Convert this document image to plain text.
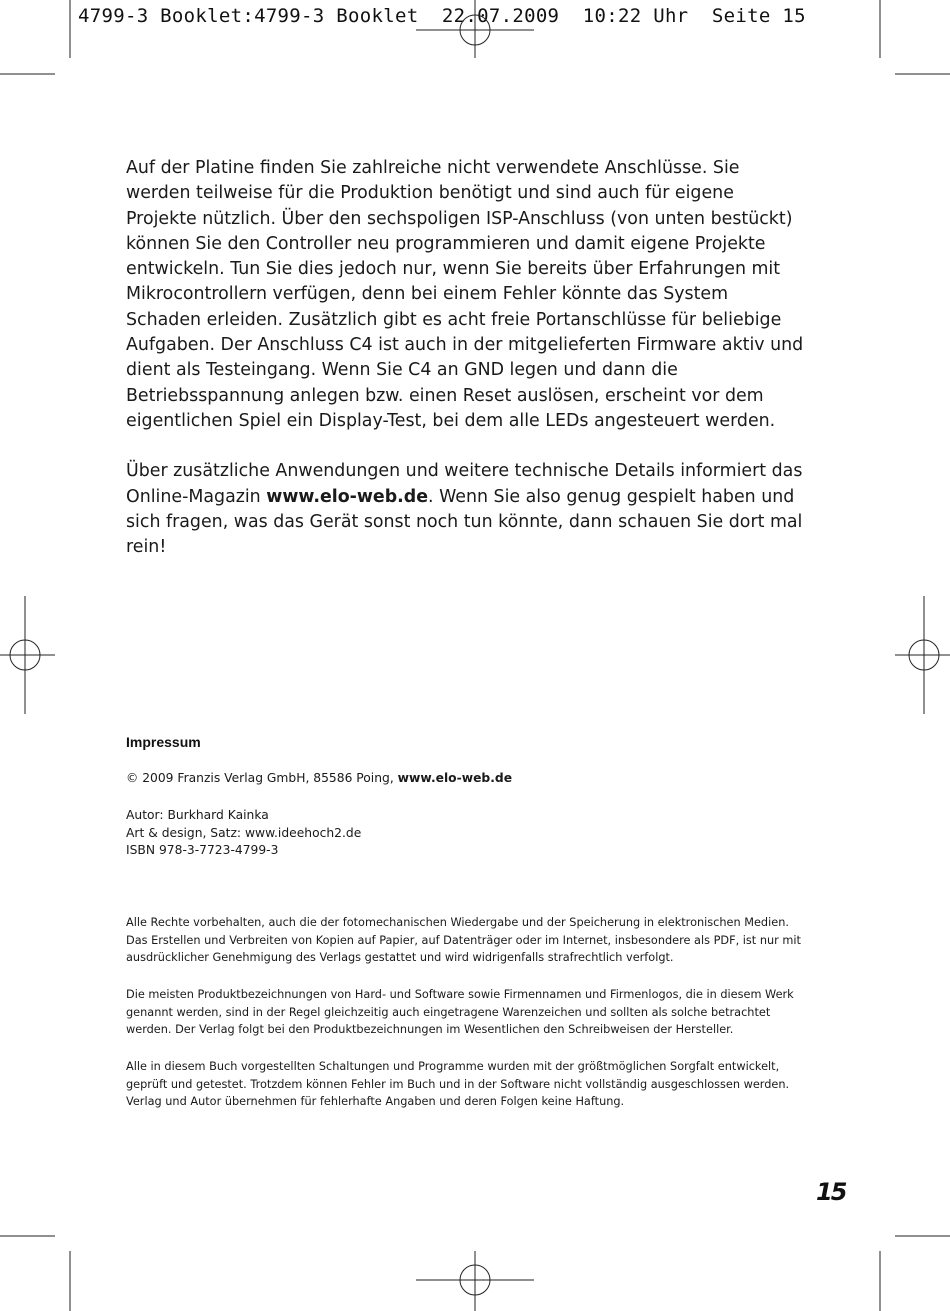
4799-3 Booklet:4799-3 Booklet  22.07.2009  10:22 Uhr  Seite 15

Auf der Platine finden Sie zahlreiche nicht verwendete Anschlüsse. Sie werden teilweise für die Produktion benötigt und sind auch für eigene Projekte nützlich. Über den sechspoligen ISP-Anschluss (von unten bestückt) können Sie den Controller neu programmieren und damit eigene Projekte entwickeln. Tun Sie dies jedoch nur, wenn Sie bereits über Erfahrungen mit Mikrocontrollern verfügen, denn bei einem Fehler könnte das System Schaden erleiden. Zusätzlich gibt es acht freie Portanschlüsse für beliebige Aufgaben. Der Anschluss C4 ist auch in der mitgelieferten Firmware aktiv und dient als Testeingang. Wenn Sie C4 an GND legen und dann die Betriebsspannung anlegen bzw. einen Reset auslösen, erscheint vor dem eigentlichen Spiel ein Display-Test, bei dem alle LEDs angesteuert werden.

Über zusätzliche Anwendungen und weitere technische Details informiert das Online-Magazin www.elo-web.de. Wenn Sie also genug gespielt haben und sich fragen, was das Gerät sonst noch tun könnte, dann schauen Sie dort mal rein!

Impressum
© 2009 Franzis Verlag GmbH, 85586 Poing, www.elo-web.de
Autor: Burkhard Kainka
Art & design, Satz: www.ideehoch2.de
ISBN 978-3-7723-4799-3

Alle Rechte vorbehalten, auch die der fotomechanischen Wiedergabe und der Speicherung in elektronischen Medien. Das Erstellen und Verbreiten von Kopien auf Papier, auf Datenträger oder im Internet, insbesondere als PDF, ist nur mit ausdrücklicher Genehmigung des Verlags gestattet und wird widrigenfalls strafrechtlich verfolgt.

Die meisten Produktbezeichnungen von Hard- und Software sowie Firmennamen und Firmenlogos, die in diesem Werk genannt werden, sind in der Regel gleichzeitig auch eingetragene Warenzeichen und sollten als solche betrachtet werden. Der Verlag folgt bei den Produktbezeichnungen im Wesentlichen den Schreibweisen der Hersteller.

Alle in diesem Buch vorgestellten Schaltungen und Programme wurden mit der größtmöglichen Sorgfalt entwickelt, geprüft und getestet. Trotzdem können Fehler im Buch und in der Software nicht vollständig ausgeschlossen werden. Verlag und Autor übernehmen für fehlerhafte Angaben und deren Folgen keine Haftung.

15
